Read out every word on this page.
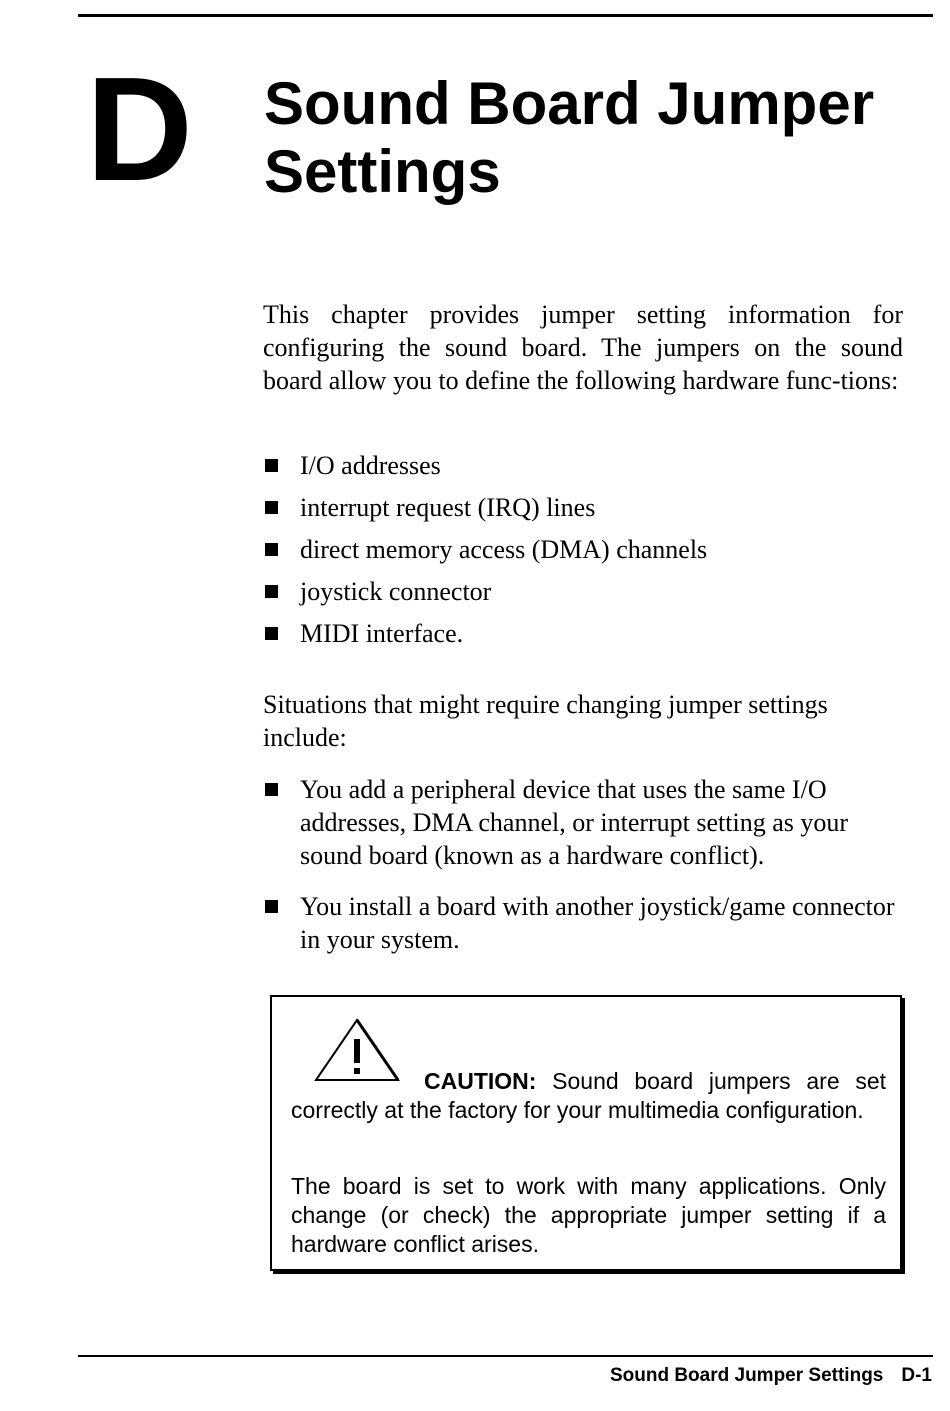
D Sound Board Jumper Settings

This chapter provides jumper setting information for configuring the sound board. The jumpers on the sound board allow you to define the following hardware func-tions:

I/O addresses
interrupt request (IRQ) lines
direct memory access (DMA) channels
joystick connector
MIDI interface.

Situations that might require changing jumper settings include:

You add a peripheral device that uses the same I/O addresses, DMA channel, or interrupt setting as your sound board (known as a hardware conflict).
You install a board with another joystick/game connector in your system.

CAUTION: Sound board jumpers are set correctly at the factory for your multimedia configuration.

The board is set to work with many applications. Only change (or check) the appropriate jumper setting if a hardware conflict arises.

Sound Board Jumper Settings D-1
